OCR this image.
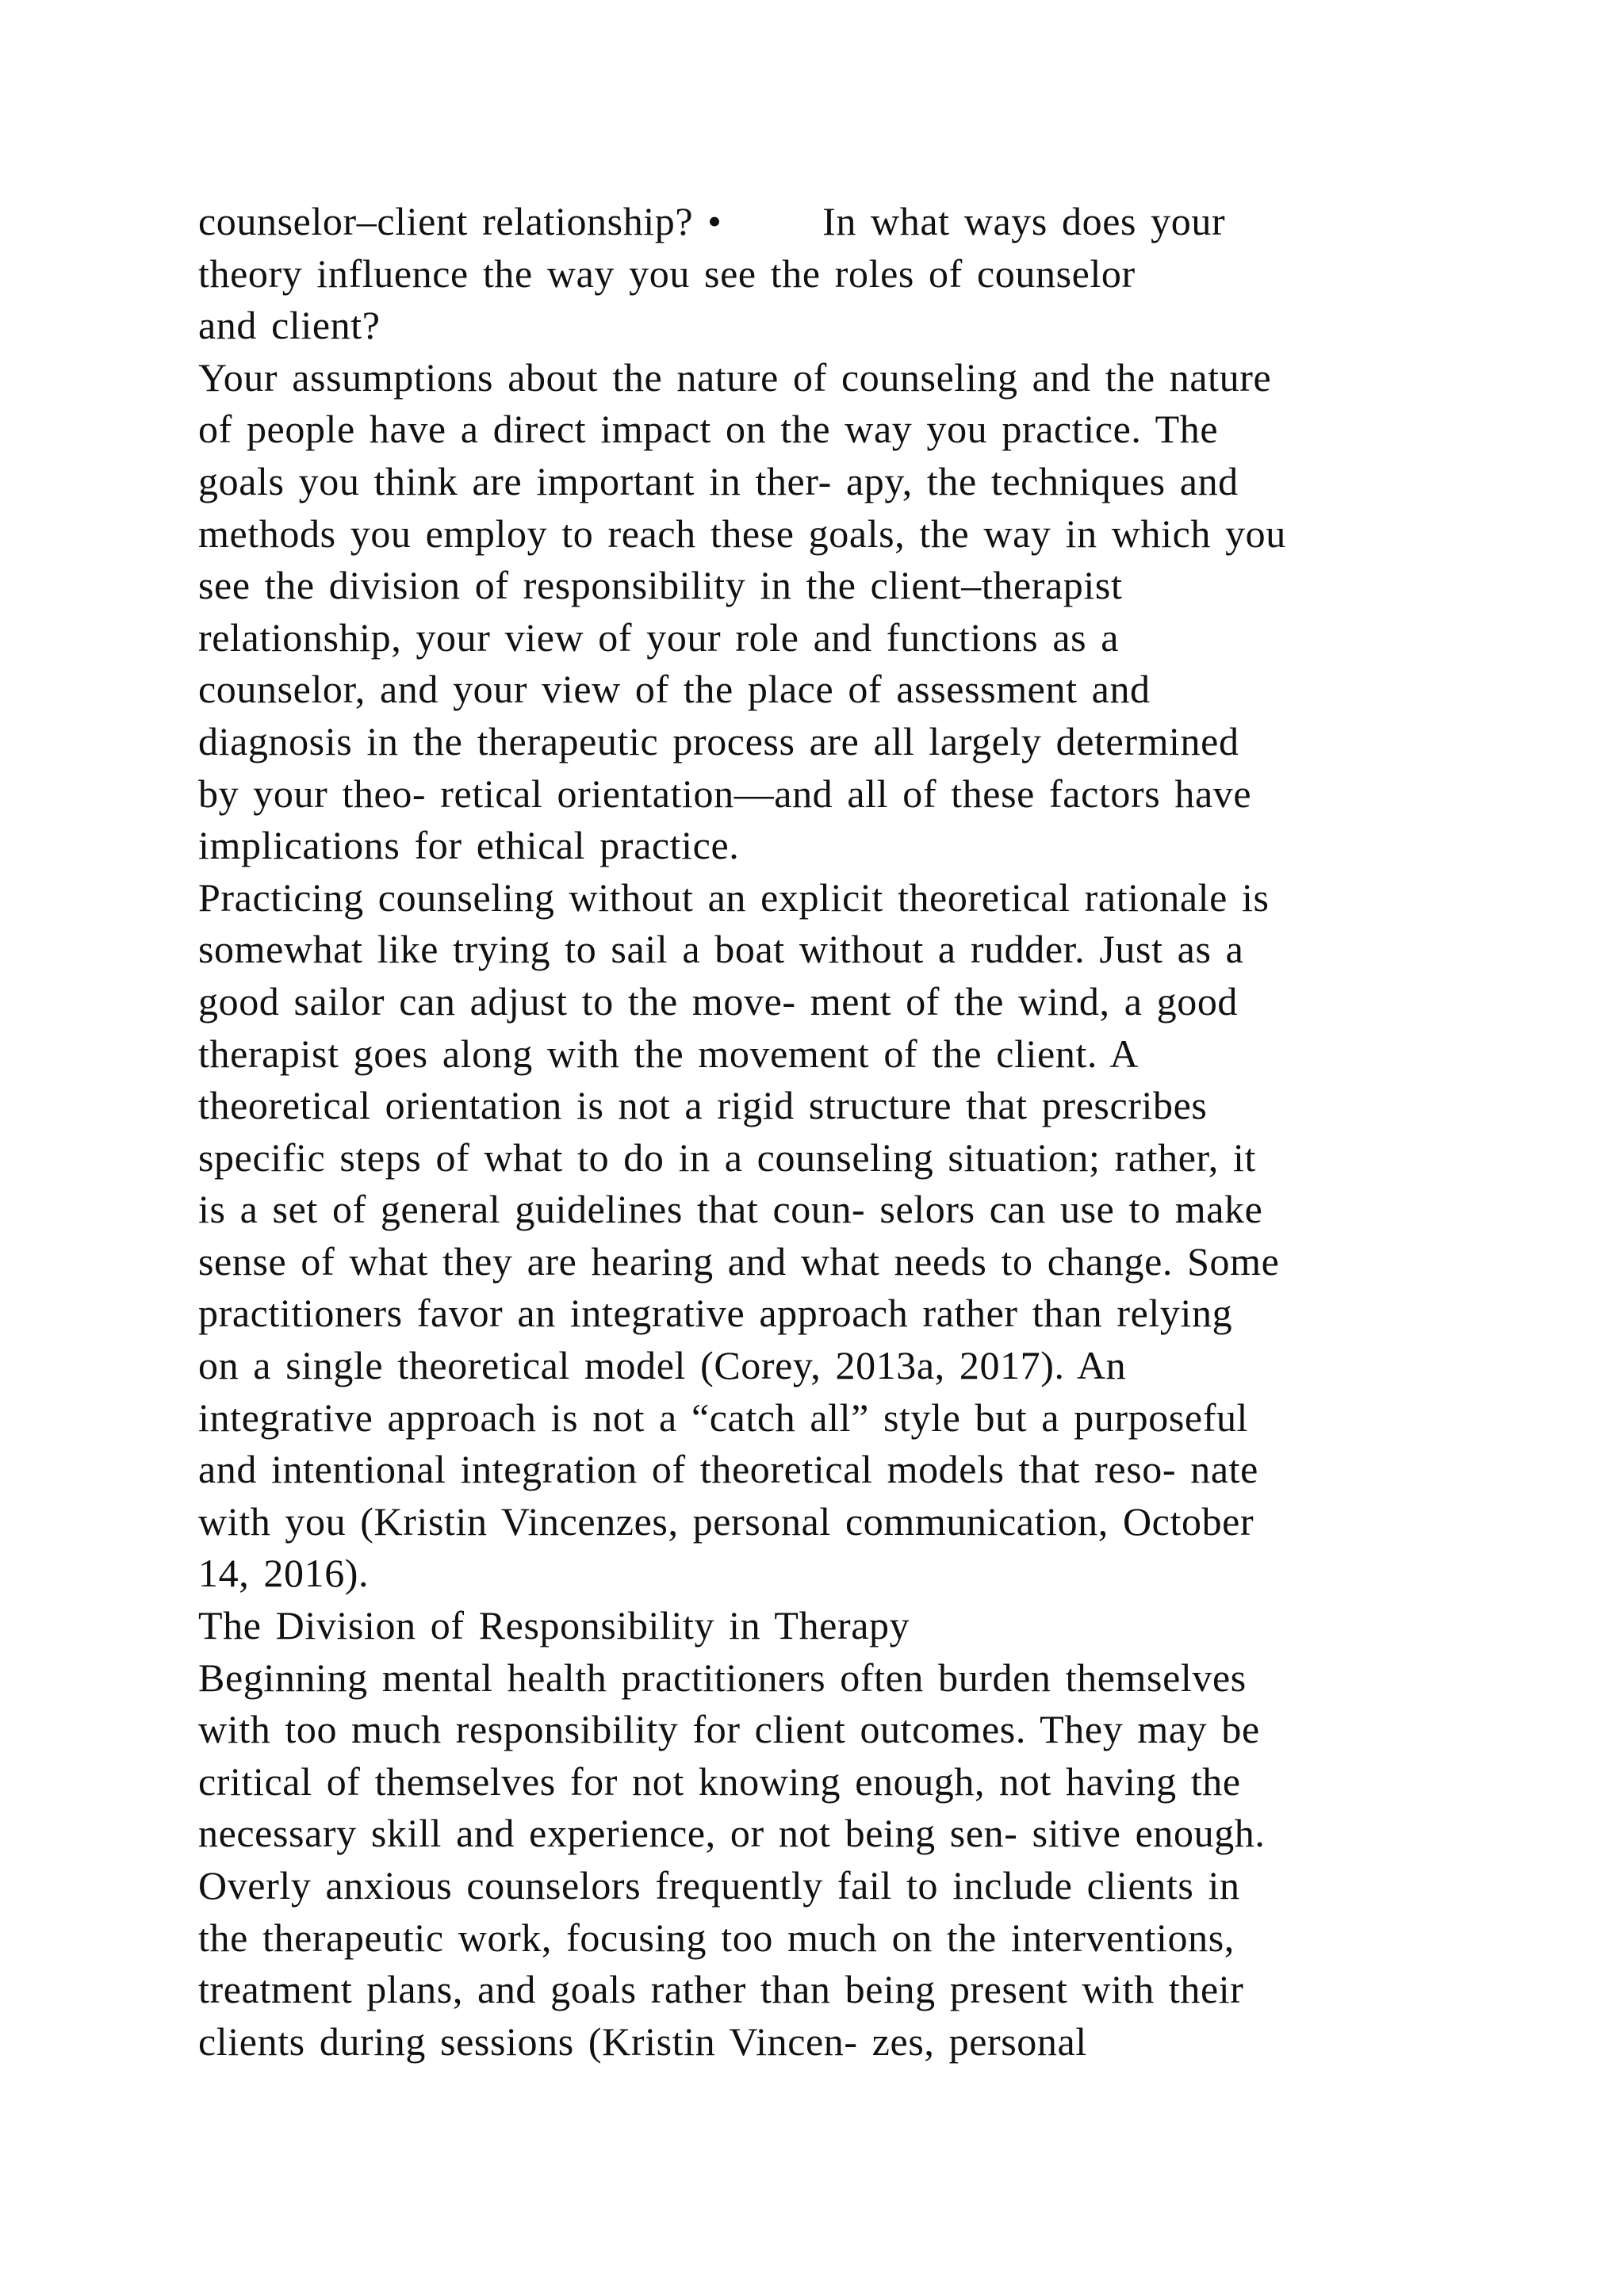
counselor–client relationship? •       In what ways does your
theory influence the way you see the roles of counselor
and client?
Your assumptions about the nature of counseling and the nature
of people have a direct impact on the way you practice. The
goals you think are important in ther- apy, the techniques and
methods you employ to reach these goals, the way in which you
see the division of responsibility in the client–therapist
relationship, your view of your role and functions as a
counselor, and your view of the place of assessment and
diagnosis in the therapeutic process are all largely determined
by your theo- retical orientation—and all of these factors have
implications for ethical practice.
Practicing counseling without an explicit theoretical rationale is
somewhat like trying to sail a boat without a rudder. Just as a
good sailor can adjust to the move- ment of the wind, a good
therapist goes along with the movement of the client. A
theoretical orientation is not a rigid structure that prescribes
specific steps of what to do in a counseling situation; rather, it
is a set of general guidelines that coun- selors can use to make
sense of what they are hearing and what needs to change. Some
practitioners favor an integrative approach rather than relying
on a single theoretical model (Corey, 2013a, 2017). An
integrative approach is not a “catch all” style but a purposeful
and intentional integration of theoretical models that reso- nate
with you (Kristin Vincenzes, personal communication, October
14, 2016).
The Division of Responsibility in Therapy
Beginning mental health practitioners often burden themselves
with too much responsibility for client outcomes. They may be
critical of themselves for not knowing enough, not having the
necessary skill and experience, or not being sen- sitive enough.
Overly anxious counselors frequently fail to include clients in
the therapeutic work, focusing too much on the interventions,
treatment plans, and goals rather than being present with their
clients during sessions (Kristin Vincen- zes, personal
